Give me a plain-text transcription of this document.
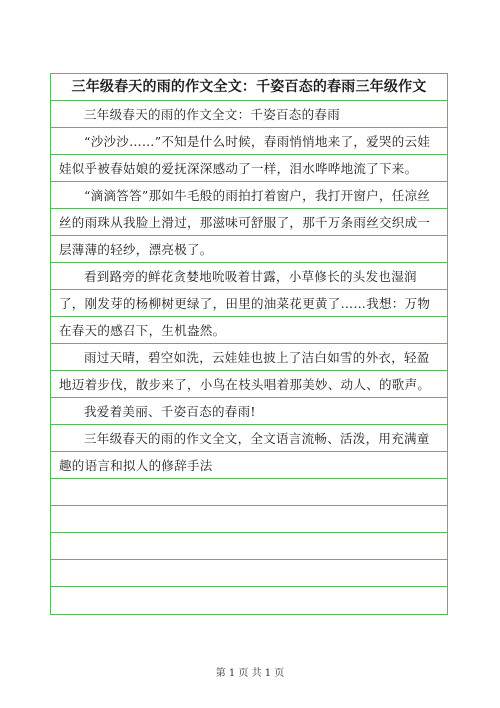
三年级春天的雨的作文全文：千姿百态的春雨三年级作文
三年级春天的雨的作文全文：千姿百态的春雨
“沙沙沙……”不知是什么时候，春雨悄悄地来了，爱哭的云娃娃似乎被春姑娘的爱抚深深感动了一样，泪水哗哗地流了下来。
“滴滴答答”那如牛毛般的雨拍打着窗户，我打开窗户，任凉丝丝的雨珠从我脸上滑过，那滋味可舒服了，那千万条雨丝交织成一层薄薄的轻纱，漂亮极了。
看到路旁的鲜花贪婪地吮吸着甘露，小草修长的头发也湿润了，刚发芽的杨柳树更绿了，田里的油菜花更黄了……我想：万物在春天的感召下，生机盎然。
雨过天晴，碧空如洗，云娃娃也披上了洁白如雪的外衣，轻盈地迈着步伐，散步来了，小鸟在枝头唱着那美妙、动人、的歌声。
我爱着美丽、千姿百态的春雨!
三年级春天的雨的作文全文，全文语言流畅、活泼，用充满童趣的语言和拟人的修辞手法
第 1 页 共 1 页
